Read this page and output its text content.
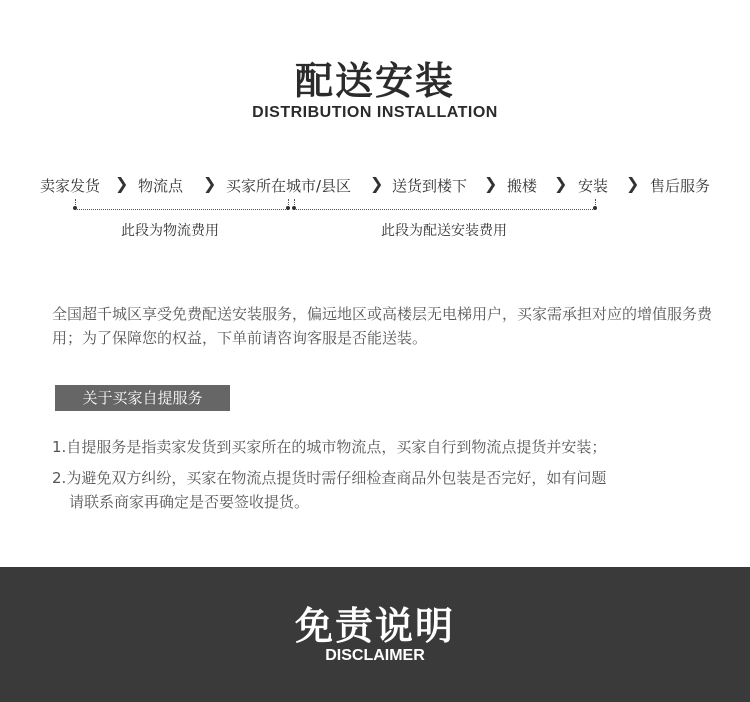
配送安装
DISTRIBUTION INSTALLATION
卖家发货 ❯ 物流点 ❯ 买家所在城市/县区 ❯ 送货到楼下 ❯ 搬楼 ❯ 安装 ❯ 售后服务
此段为物流费用	此段为配送安装费用
全国超千城区享受免费配送安装服务，偏远地区或高楼层无电梯用户，买家需承担对应的增值服务费用；为了保障您的权益，下单前请咨询客服是否能送装。
关于买家自提服务
1.自提服务是指卖家发货到买家所在的城市物流点，买家自行到物流点提货并安装；
2.为避免双方纠纷，买家在物流点提货时需仔细检查商品外包装是否完好，如有问题
请联系商家再确定是否要签收提货。
免责说明
DISCLAIMER
